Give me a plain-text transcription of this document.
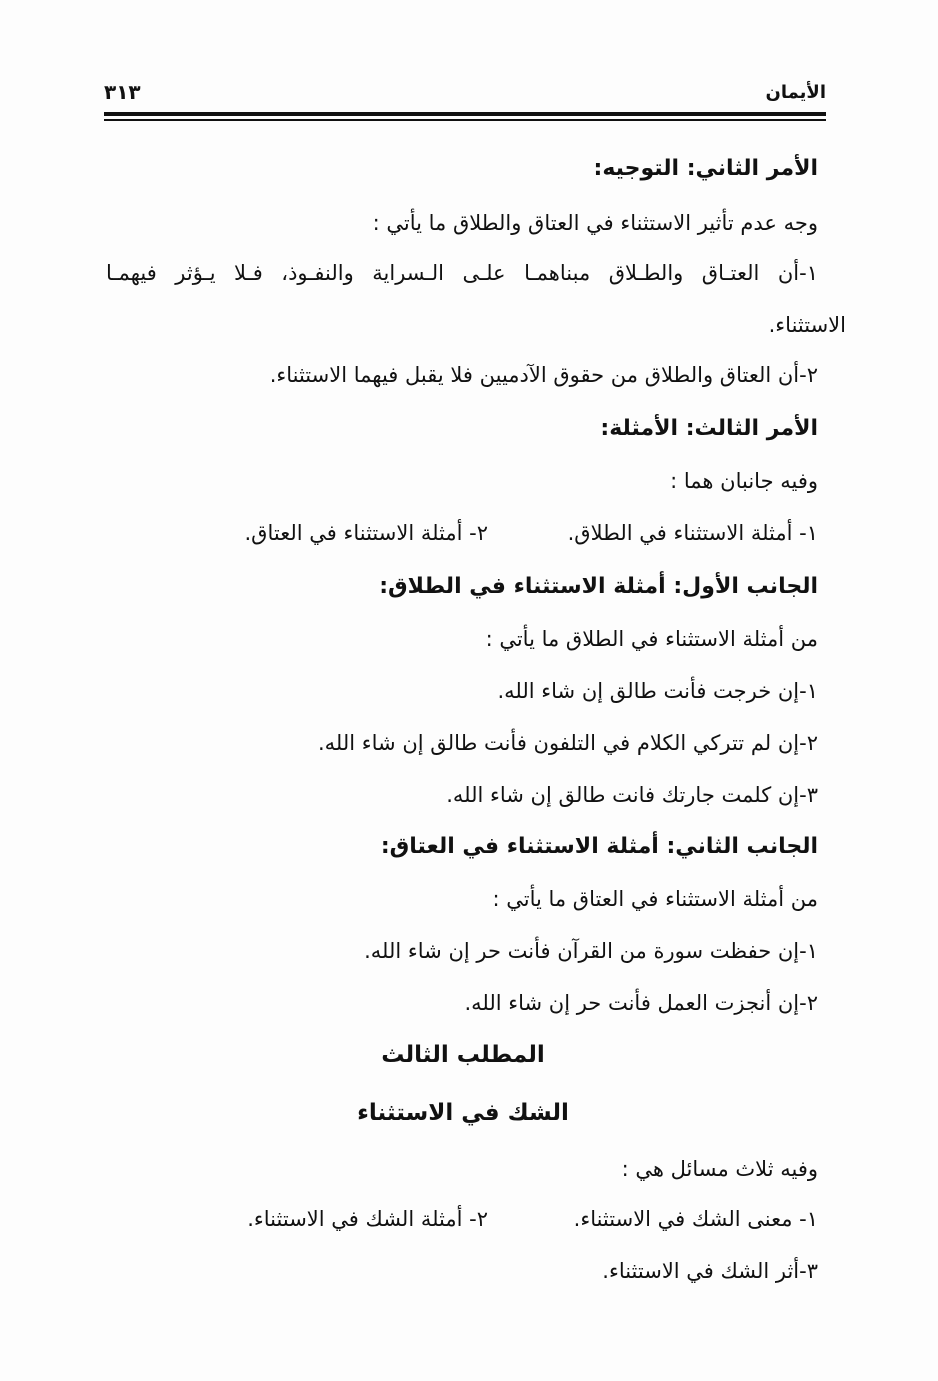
الأيمان
٣١٣
الأمر الثاني: التوجيه:
وجه عدم تأثير الاستثناء في العتاق والطلاق ما يأتي :
١-أن العتـاق والطـلاق مبناهمـا علـى الـسراية والنفـوذ، فـلا يـؤثر فيهمـا
الاستثناء.
٢-أن العتاق والطلاق من حقوق الآدميين فلا يقبل فيهما الاستثناء.
الأمر الثالث: الأمثلة:
وفيه جانبان هما :
١- أمثلة الاستثناء في الطلاق.
٢- أمثلة الاستثناء في العتاق.
الجانب الأول: أمثلة الاستثناء في الطلاق:
من أمثلة الاستثناء في الطلاق ما يأتي :
١-إن خرجت فأنت طالق إن شاء الله.
٢-إن لم تتركي الكلام في التلفون فأنت طالق إن شاء الله.
٣-إن كلمت جارتك فانت طالق إن شاء الله.
الجانب الثاني: أمثلة الاستثناء في العتاق:
من أمثلة الاستثناء في العتاق ما يأتي :
١-إن حفظت سورة من القرآن فأنت حر إن شاء الله.
٢-إن أنجزت العمل فأنت حر إن شاء الله.
المطلب الثالث
الشك في الاستثناء
وفيه ثلاث مسائل هي :
١- معنى الشك في الاستثناء.
٢- أمثلة الشك في الاستثناء.
٣-أثر الشك في الاستثناء.
